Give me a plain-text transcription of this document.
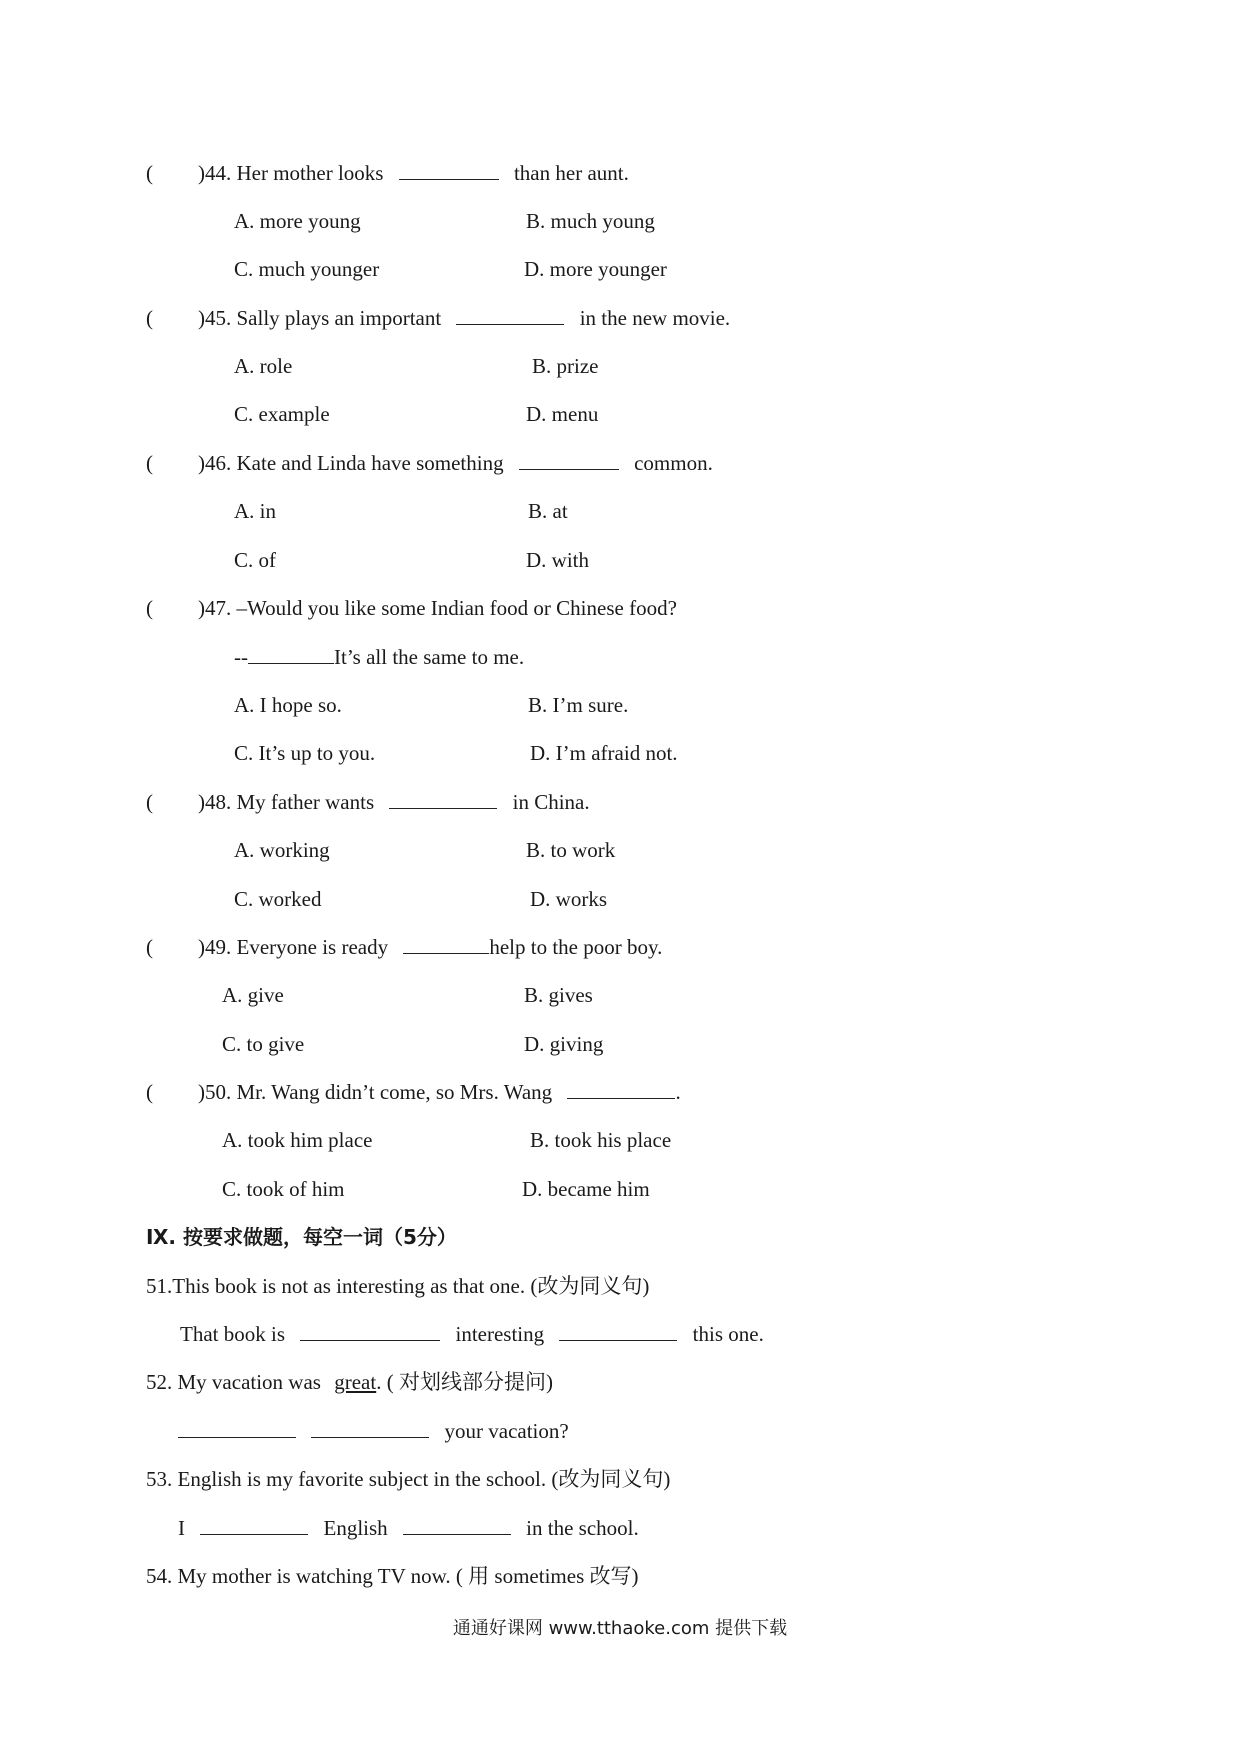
( )44. Her mother looks	than her aunt.
A. more young	B. much young
C. much younger	D. more younger
( )45. Sally plays an important	in the new movie.
A. role	B. prize
C. example	D. menu
( )46. Kate and Linda have something	common.
A. in	B. at
C. of	D. with
( )47. –Would you like some Indian food or Chinese food?
--	It’s all the same to me.
A. I hope so.	B. I’m sure.
C. It’s up to you.	D. I’m afraid not.
( )48. My father wants	in China.
A. working	B. to work
C. worked	D. works
( )49. Everyone is ready	help to the poor boy.
A. give	B. gives
C. to give	D. giving
( )50. Mr. Wang didn’t come, so Mrs. Wang	.
A. took him place	B. took his place
C. took of him	D. became him
Ⅸ. 按要求做题，每空一词（5分）
51.This book is not as interesting as that one. (改为同义句)
That book is	interesting	this one.
52. My vacation was great. ( 对划线部分提问)
your vacation?
53. English is my favorite subject in the school. (改为同义句)
I	English	in the school.
54. My mother is watching TV now. ( 用 sometimes 改写)
通通好课网 www.tthaoke.com 提供下载
